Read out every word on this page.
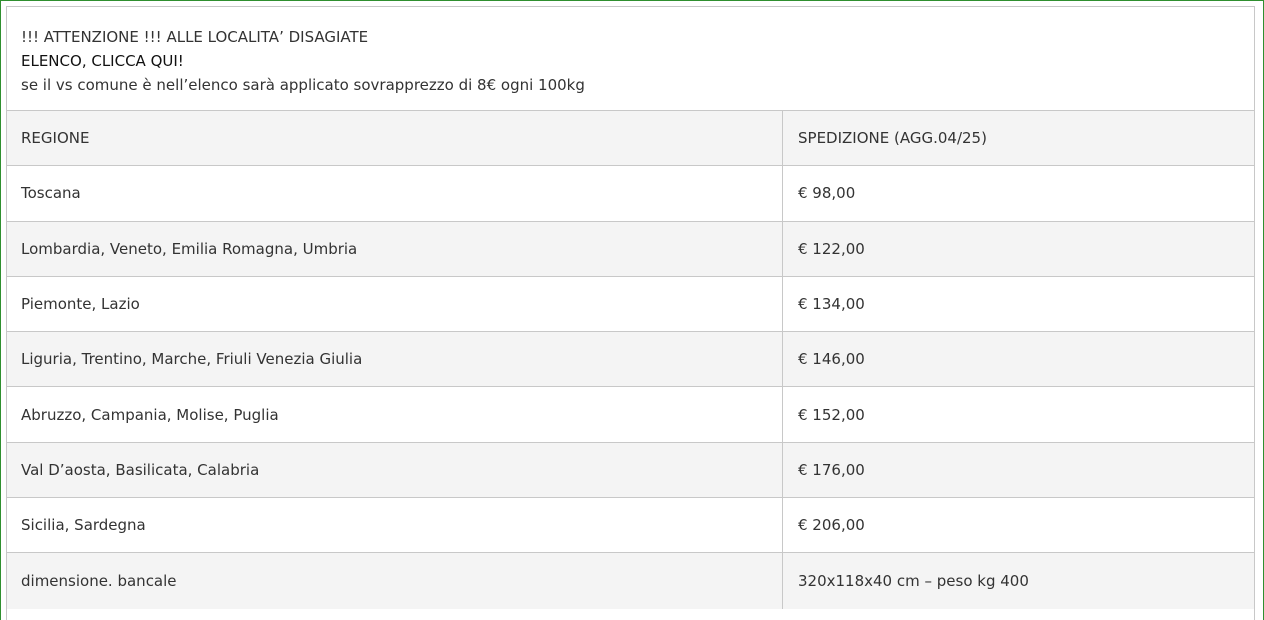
!!! ATTENZIONE !!! ALLE LOCALITA’ DISAGIATE
ELENCO, CLICCA QUI!
se il vs comune è nell’elenco sarà applicato sovrapprezzo di 8€ ogni 100kg
REGIONE	SPEDIZIONE (AGG.04/25)
Toscana	€ 98,00
Lombardia, Veneto, Emilia Romagna, Umbria	€ 122,00
Piemonte, Lazio	€ 134,00
Liguria, Trentino, Marche, Friuli Venezia Giulia	€ 146,00
Abruzzo, Campania, Molise, Puglia	€ 152,00
Val D’aosta, Basilicata, Calabria	€ 176,00
Sicilia, Sardegna	€ 206,00
dimensione. bancale	320x118x40 cm – peso kg 400
